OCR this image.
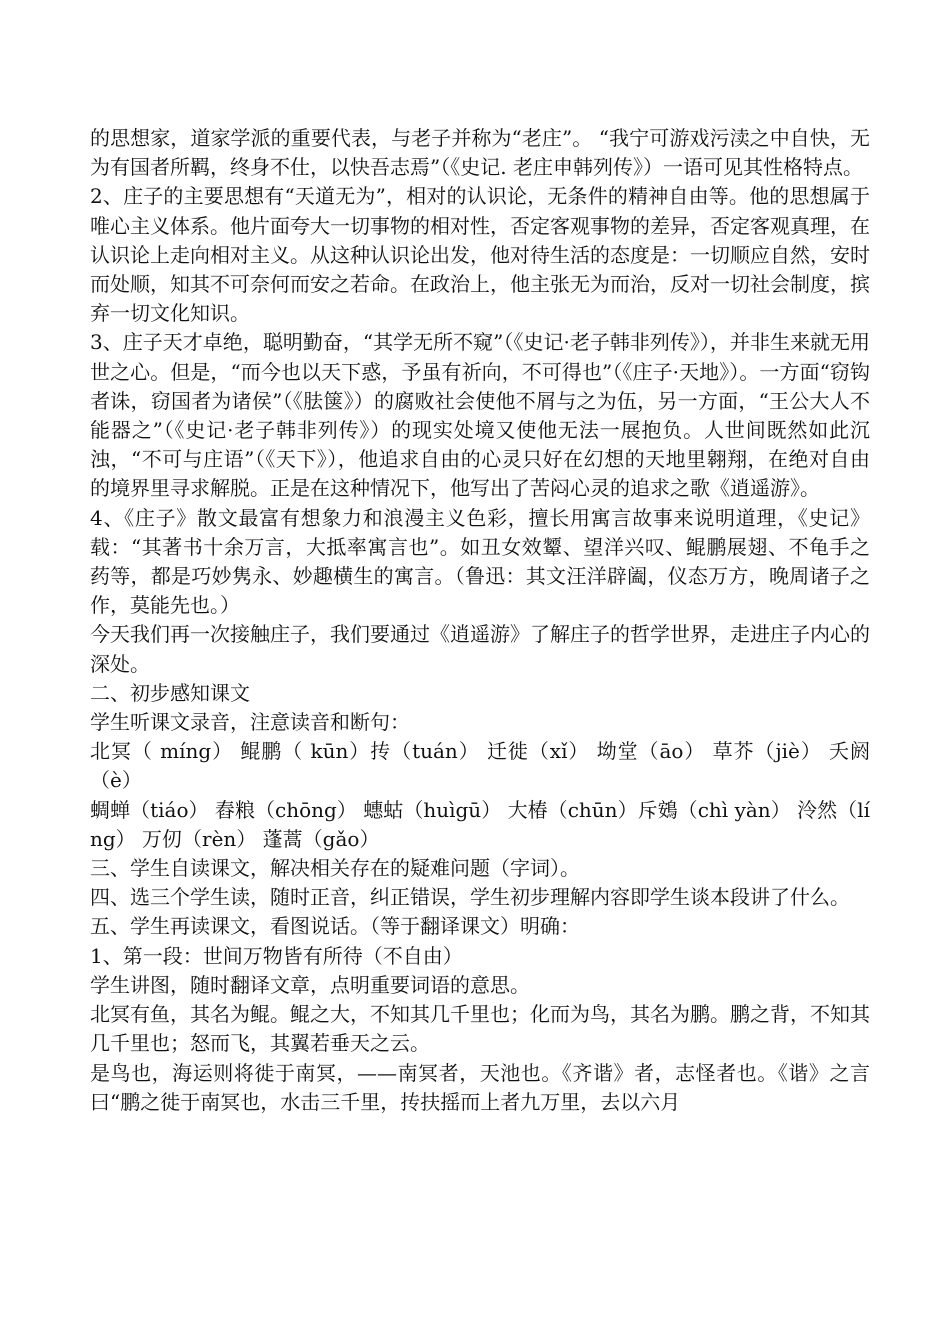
的思想家，道家学派的重要代表，与老子并称为“老庄”。 “我宁可游戏污渎之中自快，无为有国者所羁，终身不仕，以快吾志焉”（《史记. 老庄申韩列传》）一语可见其性格特点。

2、庄子的主要思想有“天道无为”，相对的认识论，无条件的精神自由等。他的思想属于唯心主义体系。他片面夸大一切事物的相对性，否定客观事物的差异，否定客观真理，在认识论上走向相对主义。从这种认识论出发，他对待生活的态度是：一切顺应自然，安时而处顺，知其不可奈何而安之若命。在政治上，他主张无为而治，反对一切社会制度，摈弃一切文化知识。

3、庄子天才卓绝，聪明勤奋，“其学无所不窥”（《史记·老子韩非列传》），并非生来就无用世之心。但是，“而今也以天下惑，予虽有祈向，不可得也”（《庄子·天地》）。一方面“窃钩者诛，窃国者为诸侯”（《胠箧》）的腐败社会使他不屑与之为伍，另一方面，“王公大人不能器之”（《史记·老子韩非列传》）的现实处境又使他无法一展抱负。人世间既然如此沉浊，“不可与庄语”（《天下》），他追求自由的心灵只好在幻想的天地里翱翔，在绝对自由的境界里寻求解脱。正是在这种情况下，他写出了苦闷心灵的追求之歌《逍遥游》。

4、《庄子》散文最富有想象力和浪漫主义色彩，擅长用寓言故事来说明道理，《史记》载：“其著书十余万言，大抵率寓言也”。如丑女效颦、望洋兴叹、鲲鹏展翅、不龟手之药等，都是巧妙隽永、妙趣横生的寓言。（鲁迅：其文汪洋辟阖，仪态万方，晚周诸子之作，莫能先也。）

今天我们再一次接触庄子，我们要通过《逍遥游》了解庄子的哲学世界，走进庄子内心的深处。

二、初步感知课文

学生听课文录音，注意读音和断句：

北冥（ míng） 鲲鹏（ kūn）抟（tuán） 迁徙（xǐ） 坳堂（āo） 草芥（jiè） 夭阏（è）

蜩蝉（tiáo） 舂粮（chōng） 蟪蛄（huìgū） 大椿（chūn）斥鴳（chì yàn） 泠然（líng） 万仞（rèn） 蓬蒿（gǎo）

三、学生自读课文，解决相关存在的疑难问题（字词）。

四、选三个学生读，随时正音，纠正错误，学生初步理解内容即学生谈本段讲了什么。

五、学生再读课文，看图说话。（等于翻译课文）明确：

1、第一段：世间万物皆有所待（不自由）

学生讲图，随时翻译文章，点明重要词语的意思。

北冥有鱼，其名为鲲。鲲之大，不知其几千里也；化而为鸟，其名为鹏。鹏之背，不知其几千里也；怒而飞，其翼若垂天之云。

是鸟也，海运则将徙于南冥，——南冥者，天池也。《齐谐》者，志怪者也。《谐》之言曰“鹏之徙于南冥也，水击三千里，抟扶摇而上者九万里，去以六月
